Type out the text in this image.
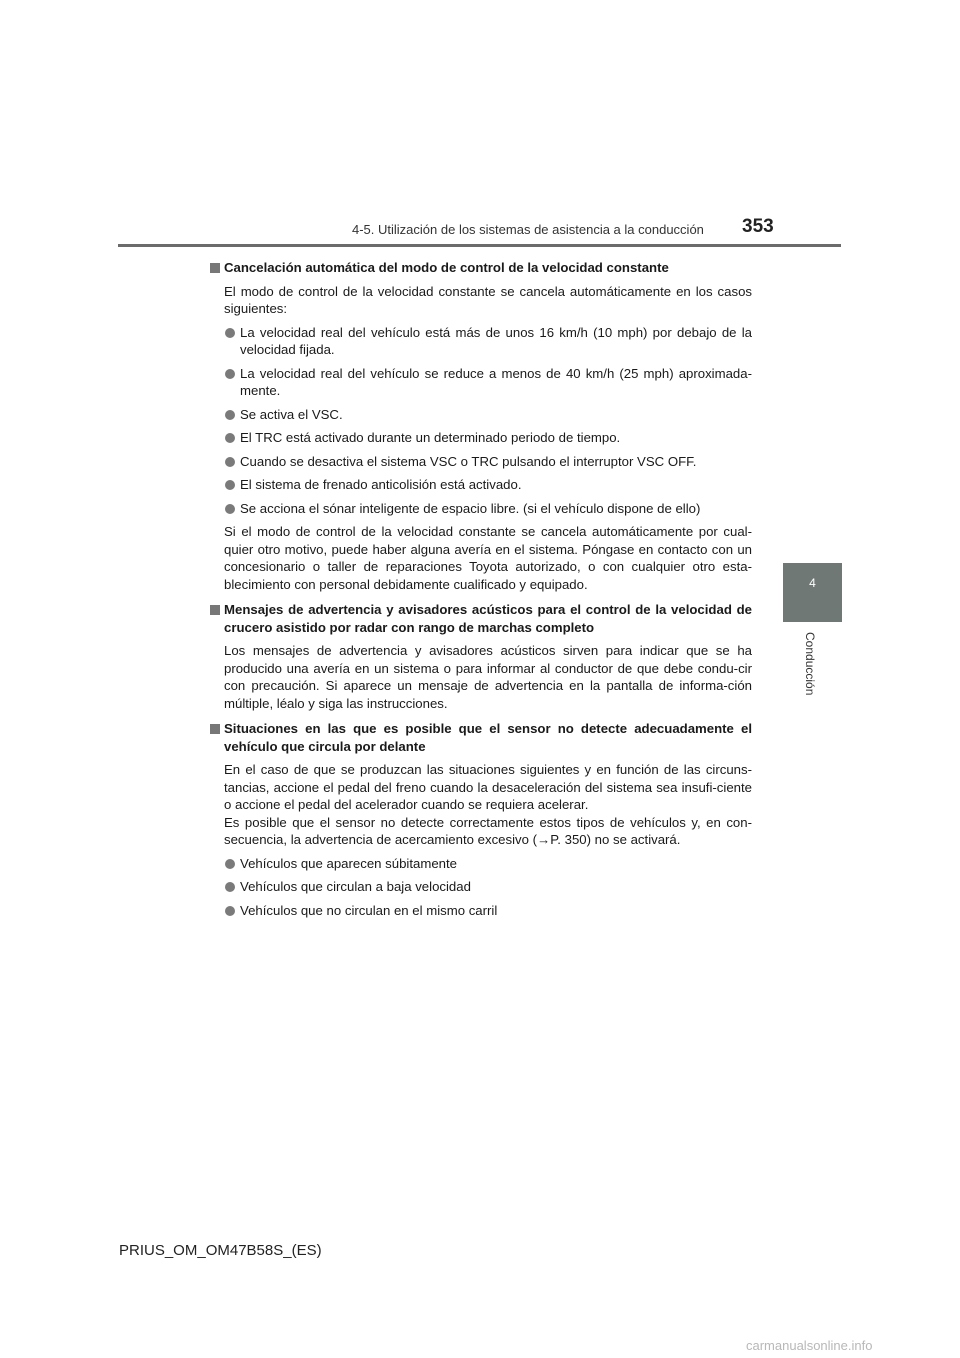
4-5. Utilización de los sistemas de asistencia a la conducción 353
4
Conducción
Cancelación automática del modo de control de la velocidad constante
El modo de control de la velocidad constante se cancela automáticamente en los casos siguientes:
La velocidad real del vehículo está más de unos 16 km/h (10 mph) por debajo de la velocidad fijada.
La velocidad real del vehículo se reduce a menos de 40 km/h (25 mph) aproximada-mente.
Se activa el VSC.
El TRC está activado durante un determinado periodo de tiempo.
Cuando se desactiva el sistema VSC o TRC pulsando el interruptor VSC OFF.
El sistema de frenado anticolisión está activado.
Se acciona el sónar inteligente de espacio libre. (si el vehículo dispone de ello)
Si el modo de control de la velocidad constante se cancela automáticamente por cual-quier otro motivo, puede haber alguna avería en el sistema. Póngase en contacto con un concesionario o taller de reparaciones Toyota autorizado, o con cualquier otro esta-blecimiento con personal debidamente cualificado y equipado.
Mensajes de advertencia y avisadores acústicos para el control de la velocidad de crucero asistido por radar con rango de marchas completo
Los mensajes de advertencia y avisadores acústicos sirven para indicar que se ha producido una avería en un sistema o para informar al conductor de que debe condu-cir con precaución. Si aparece un mensaje de advertencia en la pantalla de informa-ción múltiple, léalo y siga las instrucciones.
Situaciones en las que es posible que el sensor no detecte adecuadamente el vehículo que circula por delante
En el caso de que se produzcan las situaciones siguientes y en función de las circuns-tancias, accione el pedal del freno cuando la desaceleración del sistema sea insufi-ciente o accione el pedal del acelerador cuando se requiera acelerar.
Es posible que el sensor no detecte correctamente estos tipos de vehículos y, en con-secuencia, la advertencia de acercamiento excesivo (→P. 350) no se activará.
Vehículos que aparecen súbitamente
Vehículos que circulan a baja velocidad
Vehículos que no circulan en el mismo carril
PRIUS_OM_OM47B58S_(ES)
carmanualsonline.info
